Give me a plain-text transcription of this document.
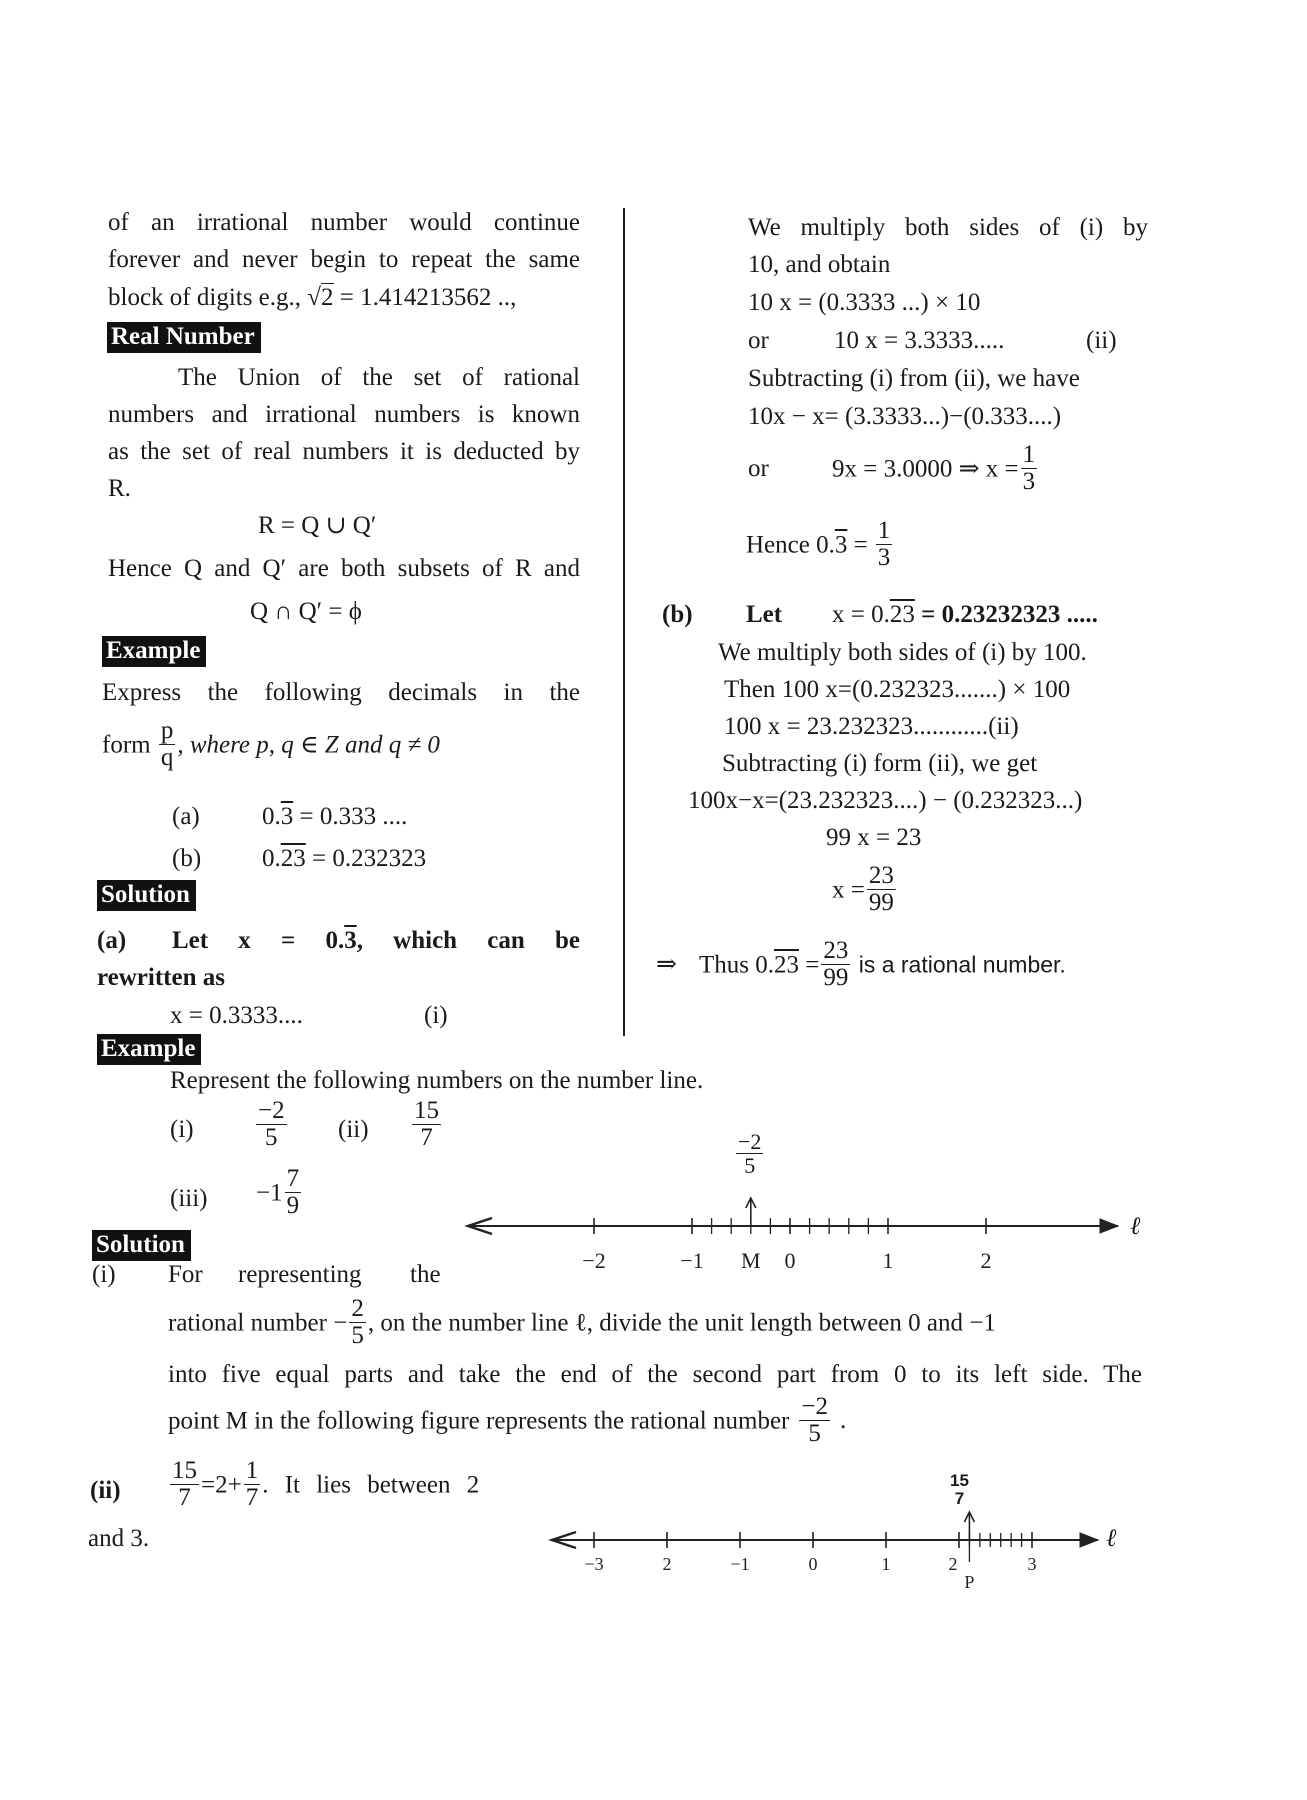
of an irrational number would continue
forever and never begin to repeat the same
block of digits e.g., √2 = 1.414213562 ..,
Real Number
The Union of the set of rational
numbers and irrational numbers is known
as the set of real numbers it is deducted by
R.
R = Q ∪ Q′
Hence Q and Q′ are both subsets of R and
Q ∩ Q′ = ϕ
Example
Express the following decimals in the
form $\frac{p}{q}$ , where p, q ∈ Z and q ≠ 0
(a) 0.3 = 0.333 ....
(b) 0.23 = 0.232323
Solution
(a) Let x = 0.3, which can be
rewritten as
x = 0.3333....	(i)
We multiply both sides of (i) by
10, and obtain
10 x = (0.3333 ...) × 10
or	10 x = 3.3333.....	(ii)
Subtracting (i) from (ii), we have
10x − x= (3.3333...)−(0.333....)
or	9x = 3.0000 ⇒ $x = \frac{1}{3}$
Hence $0.3 = \frac{1}{3}$
(b) Let x = 0.23 = 0.23232323 .....
We multiply both sides of (i) by 100.
Then 100 x=(0.232323.......) × 100
100 x = 23.232323............(ii)
Subtracting (i) form (ii), we get
100x−x=(23.232323....) − (0.232323...)
99 x = 23
$x = \frac{23}{99}$
⇒ Thus $0.23 = \frac{23}{99}$ is a rational number.
Example
Represent the following numbers on the number line.
$(i) \frac{-2}{5} (ii) \frac{15}{7}$
$(iii) -1 \frac{7}{9}$
Solution
−2	−1 M 0	1	2
−3	2	−1	0	1	2	3
P
$\frac{-2}{5}$
ℓ
(i) For representing the
rational number − $\frac{2}{5}$ , on the number line ℓ, divide the unit length between 0 and −1
into five equal parts and take the end of the second part from 0 to its left side. The
point M in the following figure represents the rational number $\frac{-2}{5}$ .
$(ii) \frac{15}{7} =2+ \frac{1}{7}$ . It lies between 2
and 3.
15
7
ℓ
